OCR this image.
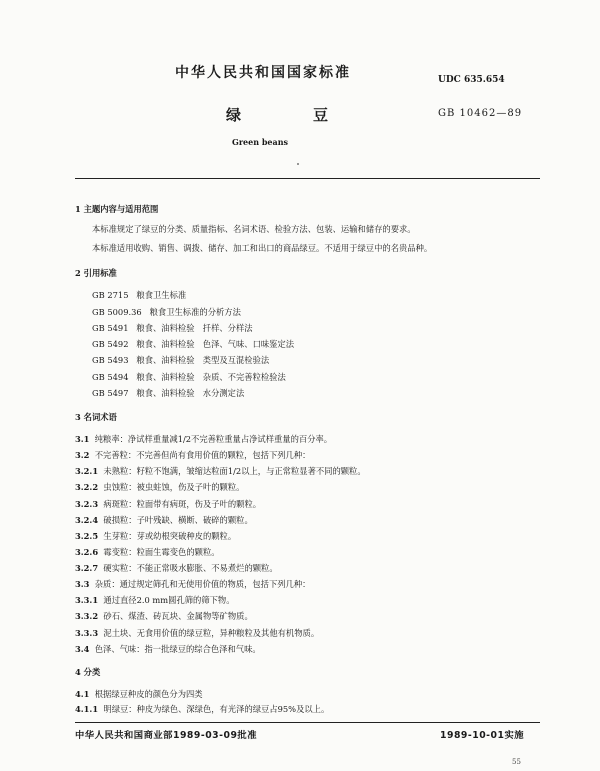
中华人民共和国国家标准	UDC 635.654
绿豆	GB 10462—89
Green beans
1 主题内容与适用范围
本标准规定了绿豆的分类、质量指标、名词术语、检验方法、包装、运输和储存的要求。
本标准适用收购、销售、调拨、储存、加工和出口的商品绿豆。不适用于绿豆中的名贵品种。
2 引用标准
GB 2715 粮食卫生标准
GB 5009.36 粮食卫生标准的分析方法
GB 5491 粮食、油料检验　扦样、分样法
GB 5492 粮食、油料检验　色泽、气味、口味鉴定法
GB 5493 粮食、油料检验　类型及互混检验法
GB 5494 粮食、油料检验　杂质、不完善粒检验法
GB 5497 粮食、油料检验　水分测定法
3 名词术语
3.1 纯粮率：净试样重量减1/2不完善粒重量占净试样重量的百分率。
3.2 不完善粒：不完善但尚有食用价值的颗粒，包括下列几种：
3.2.1 未熟粒：籽粒不饱满，皱缩达粒面1/2以上，与正常粒显著不同的颗粒。
3.2.2 虫蚀粒：被虫蛀蚀，伤及子叶的颗粒。
3.2.3 病斑粒：粒面带有病斑，伤及子叶的颗粒。
3.2.4 破损粒：子叶残缺、横断、破碎的颗粒。
3.2.5 生芽粒：芽或幼根突破种皮的颗粒。
3.2.6 霉变粒：粒面生霉变色的颗粒。
3.2.7 硬实粒：不能正常吸水膨胀、不易煮烂的颗粒。
3.3 杂质：通过规定筛孔和无使用价值的物质，包括下列几种：
3.3.1 通过直径2.0 mm圆孔筛的筛下物。
3.3.2 砂石、煤渣、砖瓦块、金属物等矿物质。
3.3.3 泥土块、无食用价值的绿豆粒，异种粮粒及其他有机物质。
3.4 色泽、气味：指一批绿豆的综合色泽和气味。
4 分类
4.1 根据绿豆种皮的颜色分为四类
4.1.1 明绿豆：种皮为绿色、深绿色，有光泽的绿豆占95%及以上。
中华人民共和国商业部1989-03-09批准	1989-10-01实施
55
